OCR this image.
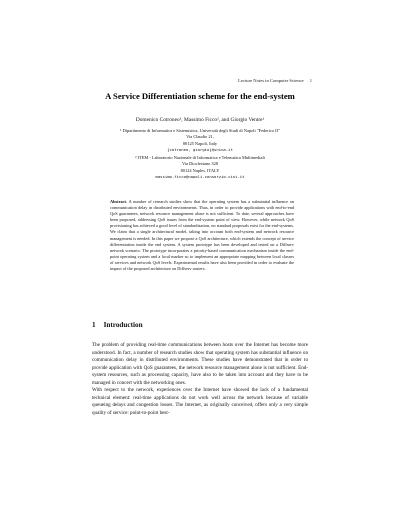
Lecture Notes in Computer Science 1
A Service Differentiation scheme for the end-system
Domenico Cotroneo¹, Massimo Ficco², and Giorgio Ventre¹
¹ Dipartimento di Informatica e Sistemistica, Università degli Studi di Napoli "Federico II"
Via Claudio 21,
80125 Napoli, Italy
{cotroneo, giorgio}@unina.it
² ITEM - Laboratorio Nazionale di Informatica e Telematica Multimediali
Via Diocleziano 328
80124 Naples, ITALY
massimo.ficco@napoli.consorzio-cini.it

Abstract. A number of research studies show that the operating system has a substantial influence on communication delay in distributed environments. Thus, in order to provide applications with end-to-end QoS guarantees, network resource management alone is not sufficient. To date, several approaches have been proposed, addressing QoS issues from the end-system point of view. However, while network QoS provisioning has achieved a good level of standardization, no standard proposals exist for the end-systems. We claim that a single architectural model, taking into account both end-system and network resource management is needed. In this paper we propose a QoS architecture, which extends the concept of service differentiation inside the end system. A system prototype has been developed and tested on a Diffserv network scenario. The prototype incorporates a priority-based communication mechanism inside the end-point operating system and a local marker so to implement an appropriate mapping between local classes of services and network QoS levels. Experimental results have also been provided in order to evaluate the impact of the proposed architecture on Diffserv routers.

1 Introduction
The problem of providing real-time communications between hosts over the Internet has become more understood. In fact, a number of research studies show that operating system has substantial influence on communication delay in distributed environments. These studies have demonstrated that in order to provide application with QoS guarantees, the network resource management alone is not sufficient. End-system resources, such as processing capacity, have also to be taken into account and they have to be managed in concert with the networking ones.
With respect to the network, experiences over the Internet have showed the lack of a fundamental technical element: real-time applications do not work well across the network because of variable queueing delays and congestion losses. The Internet, as originally conceived, offers only a very simple quality of service: point-to-point best-
